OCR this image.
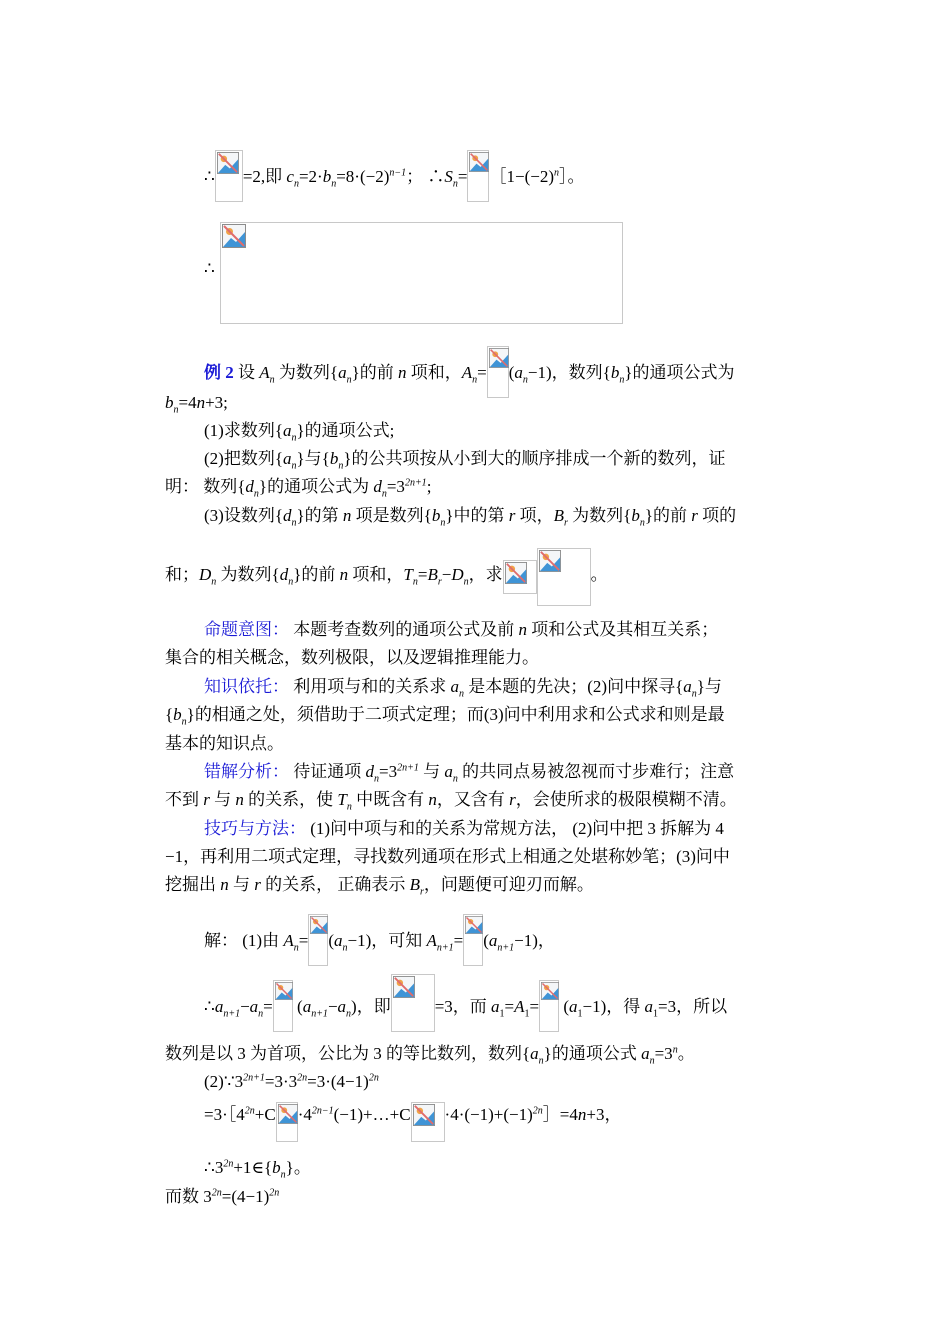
∴ =2,即 $c_n=2\cdot b_n=8\cdot(-2)^{n-1}$； $\therefore S_n=$ $[1-(-2)^n]$。
∴
例 2 设 $A_n$ 为数列$\{a_n\}$的前 n 项和，$A_n= (a_n-1)$，数列$\{b_n\}$的通项公式为
$b_n=4n+3$;
(1)求数列$\{a_n\}$的通项公式;
(2)把数列$\{a_n\}$与$\{b_n\}$的公共项按从小到大的顺序排成一个新的数列，证
明： 数列$\{d_n\}$的通项公式为 $d_n=3^{2n+1}$;
(3)设数列$\{d_n\}$的第 n 项是数列$\{b_n\}$中的第 r 项，$B_r$ 为数列$\{b_n\}$的前 r 项的
和；$D_n$ 为数列$\{d_n\}$的前 n 项和，$T_n=B_r-D_n$，求	。
命题意图： 本题考查数列的通项公式及前 n 项和公式及其相互关系；
集合的相关概念，数列极限，以及逻辑推理能力。
知识依托： 利用项与和的关系求 $a_n$ 是本题的先决；(2)问中探寻$\{a_n\}$与
$\{b_n\}$的相通之处，须借助于二项式定理；而(3)问中利用求和公式求和则是最
基本的知识点。
错解分析： 待证通项 $d_n=3^{2n+1}$ 与 $a_n$ 的共同点易被忽视而寸步难行；注意
不到 r 与 n 的关系，使 $T_n$ 中既含有 n，又含有 r，会使所求的极限模糊不清。
技巧与方法： (1)问中项与和的关系为常规方法， (2)问中把 3 拆解为 4
−1，再利用二项式定理，寻找数列通项在形式上相通之处堪称妙笔；(3)问中
挖掘出 n 与 r 的关系， 正确表示 $B_r$，问题便可迎刃而解。
解： (1)由 $A_n= (a_n-1)$，可知 $A_{n+1}= (a_{n+1}-1)$，
$\therefore a_{n+1}-a_n=$
$(a_{n+1}-a_n)$，即	=3，而 $a_1=A_1=$
$(a_1-1)$，得 $a_1=3$，所以
数列是以 3 为首项，公比为 3 的等比数列，数列$\{a_n\}$的通项公式 $a_n=3^n$。
$(2)\because 3^{2n+1}=3\cdot 3^{2n}=3\cdot(4-1)^{2n}$
$=3\cdot[4^{2n}+C$ $\cdot 4^{2n-1}(-1)+\dots+C$ $\cdot 4\cdot(-1)+(-1)^{2n}]=4n+3$，
$\therefore 3^{2n}+1\in\{b_n\}$。
而数 $3^{2n}=(4-1)^{2n}$
